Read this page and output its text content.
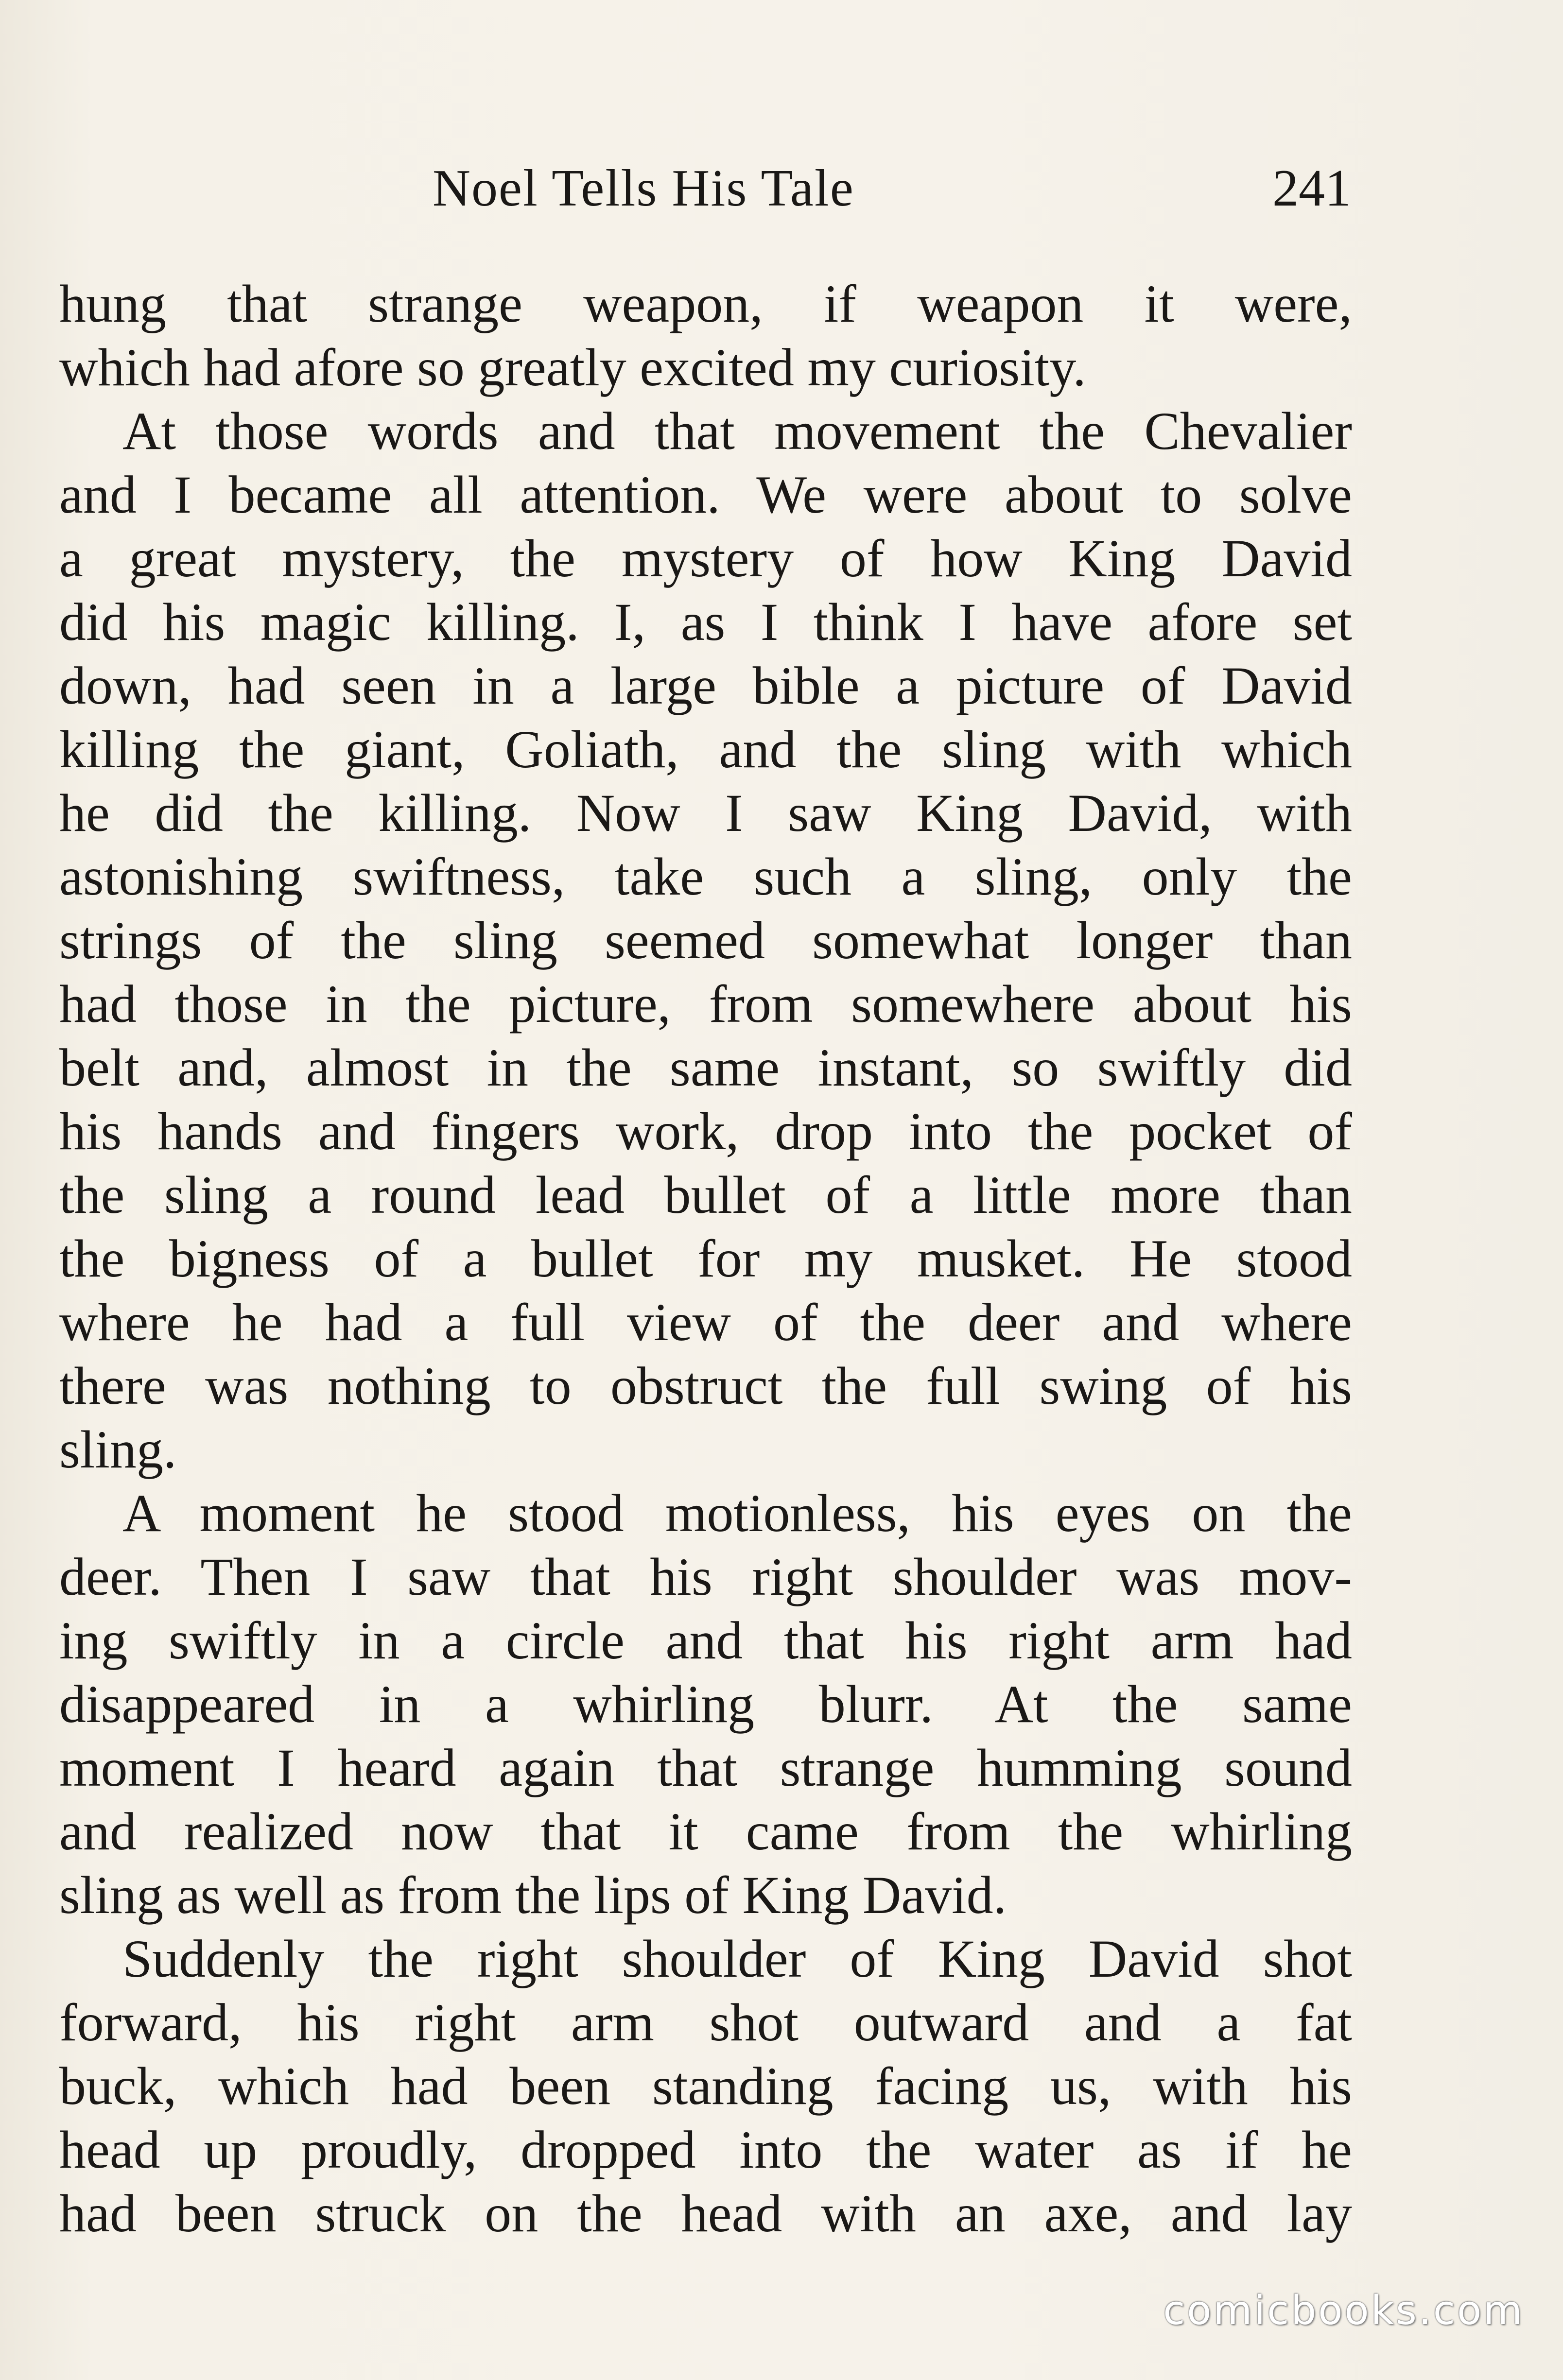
Noel Tells His Tale	241
hung that strange weapon, if weapon it were,
which had afore so greatly excited my curiosity.
At those words and that movement the Chevalier
and I became all attention. We were about to solve
a great mystery, the mystery of how King David
did his magic killing. I, as I think I have afore set
down, had seen in a large bible a picture of David
killing the giant, Goliath, and the sling with which
he did the killing. Now I saw King David, with
astonishing swiftness, take such a sling, only the
strings of the sling seemed somewhat longer than
had those in the picture, from somewhere about his
belt and, almost in the same instant, so swiftly did
his hands and fingers work, drop into the pocket of
the sling a round lead bullet of a little more than
the bigness of a bullet for my musket. He stood
where he had a full view of the deer and where
there was nothing to obstruct the full swing of his
sling.
A moment he stood motionless, his eyes on the
deer. Then I saw that his right shoulder was mov-
ing swiftly in a circle and that his right arm had
disappeared in a whirling blurr. At the same
moment I heard again that strange humming sound
and realized now that it came from the whirling
sling as well as from the lips of King David.
Suddenly the right shoulder of King David shot
forward, his right arm shot outward and a fat
buck, which had been standing facing us, with his
head up proudly, dropped into the water as if he
had been struck on the head with an axe, and lay
comicbooks.com
